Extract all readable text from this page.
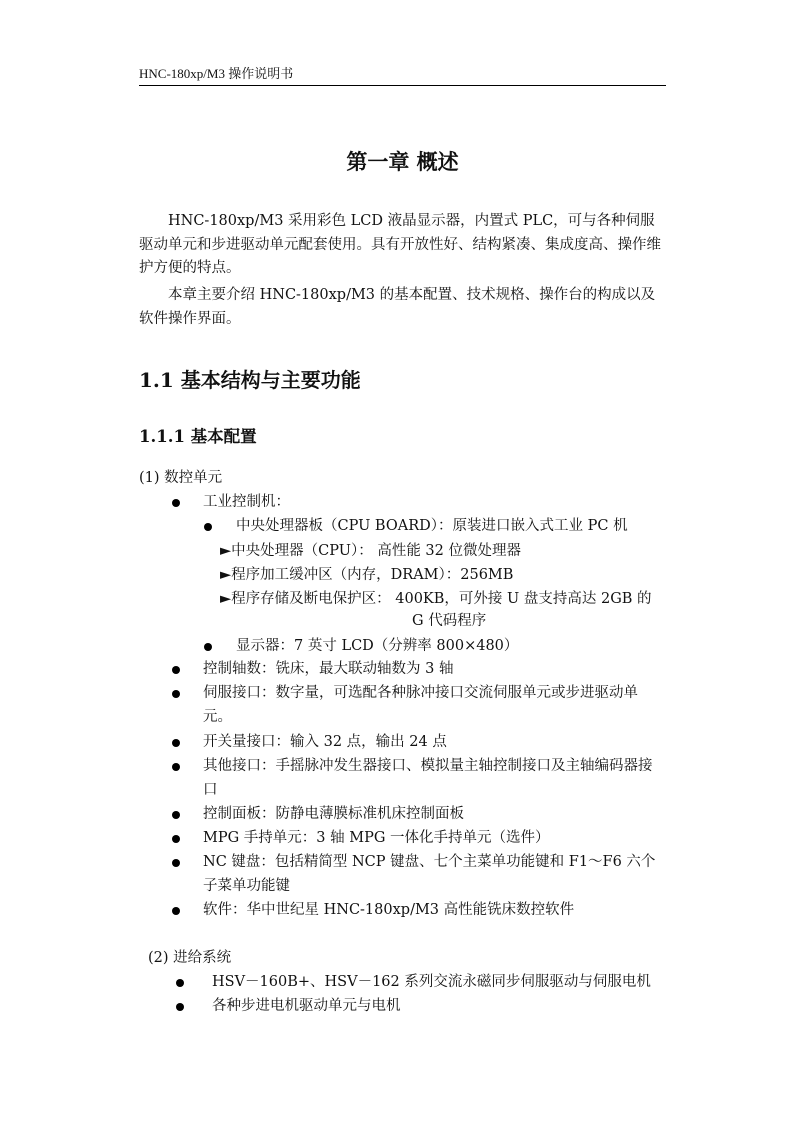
HNC-180xp/M3 操作说明书
第一章 概述

HNC-180xp/M3 采用彩色 LCD 液晶显示器，内置式 PLC，可与各种伺服驱动单元和步进驱动单元配套使用。具有开放性好、结构紧凑、集成度高、操作维护方便的特点。

本章主要介绍 HNC-180xp/M3 的基本配置、技术规格、操作台的构成以及软件操作界面。

1.1 基本结构与主要功能
1.1.1 基本配置
(1) 数控单元
工业控制机：
中央处理器板（CPU BOARD）：原装进口嵌入式工业 PC 机
►中央处理器（CPU）： 高性能 32 位微处理器
►程序加工缓冲区（内存，DRAM）：256MB
►程序存储及断电保护区： 400KB，可外接 U 盘支持高达 2GB 的
G 代码程序
显示器：7 英寸 LCD（分辨率 800×480）
控制轴数：铣床，最大联动轴数为 3 轴
伺服接口：数字量，可选配各种脉冲接口交流伺服单元或步进驱动单元。
开关量接口：输入 32 点，输出 24 点
其他接口：手摇脉冲发生器接口、模拟量主轴控制接口及主轴编码器接口
控制面板：防静电薄膜标准机床控制面板
MPG 手持单元：3 轴 MPG 一体化手持单元（选件）
NC 键盘：包括精简型 NCP 键盘、七个主菜单功能键和 F1～F6 六个子菜单功能键
软件：华中世纪星 HNC-180xp/M3 高性能铣床数控软件
(2) 进给系统
HSV－160B+、HSV－162 系列交流永磁同步伺服驱动与伺服电机
各种步进电机驱动单元与电机
